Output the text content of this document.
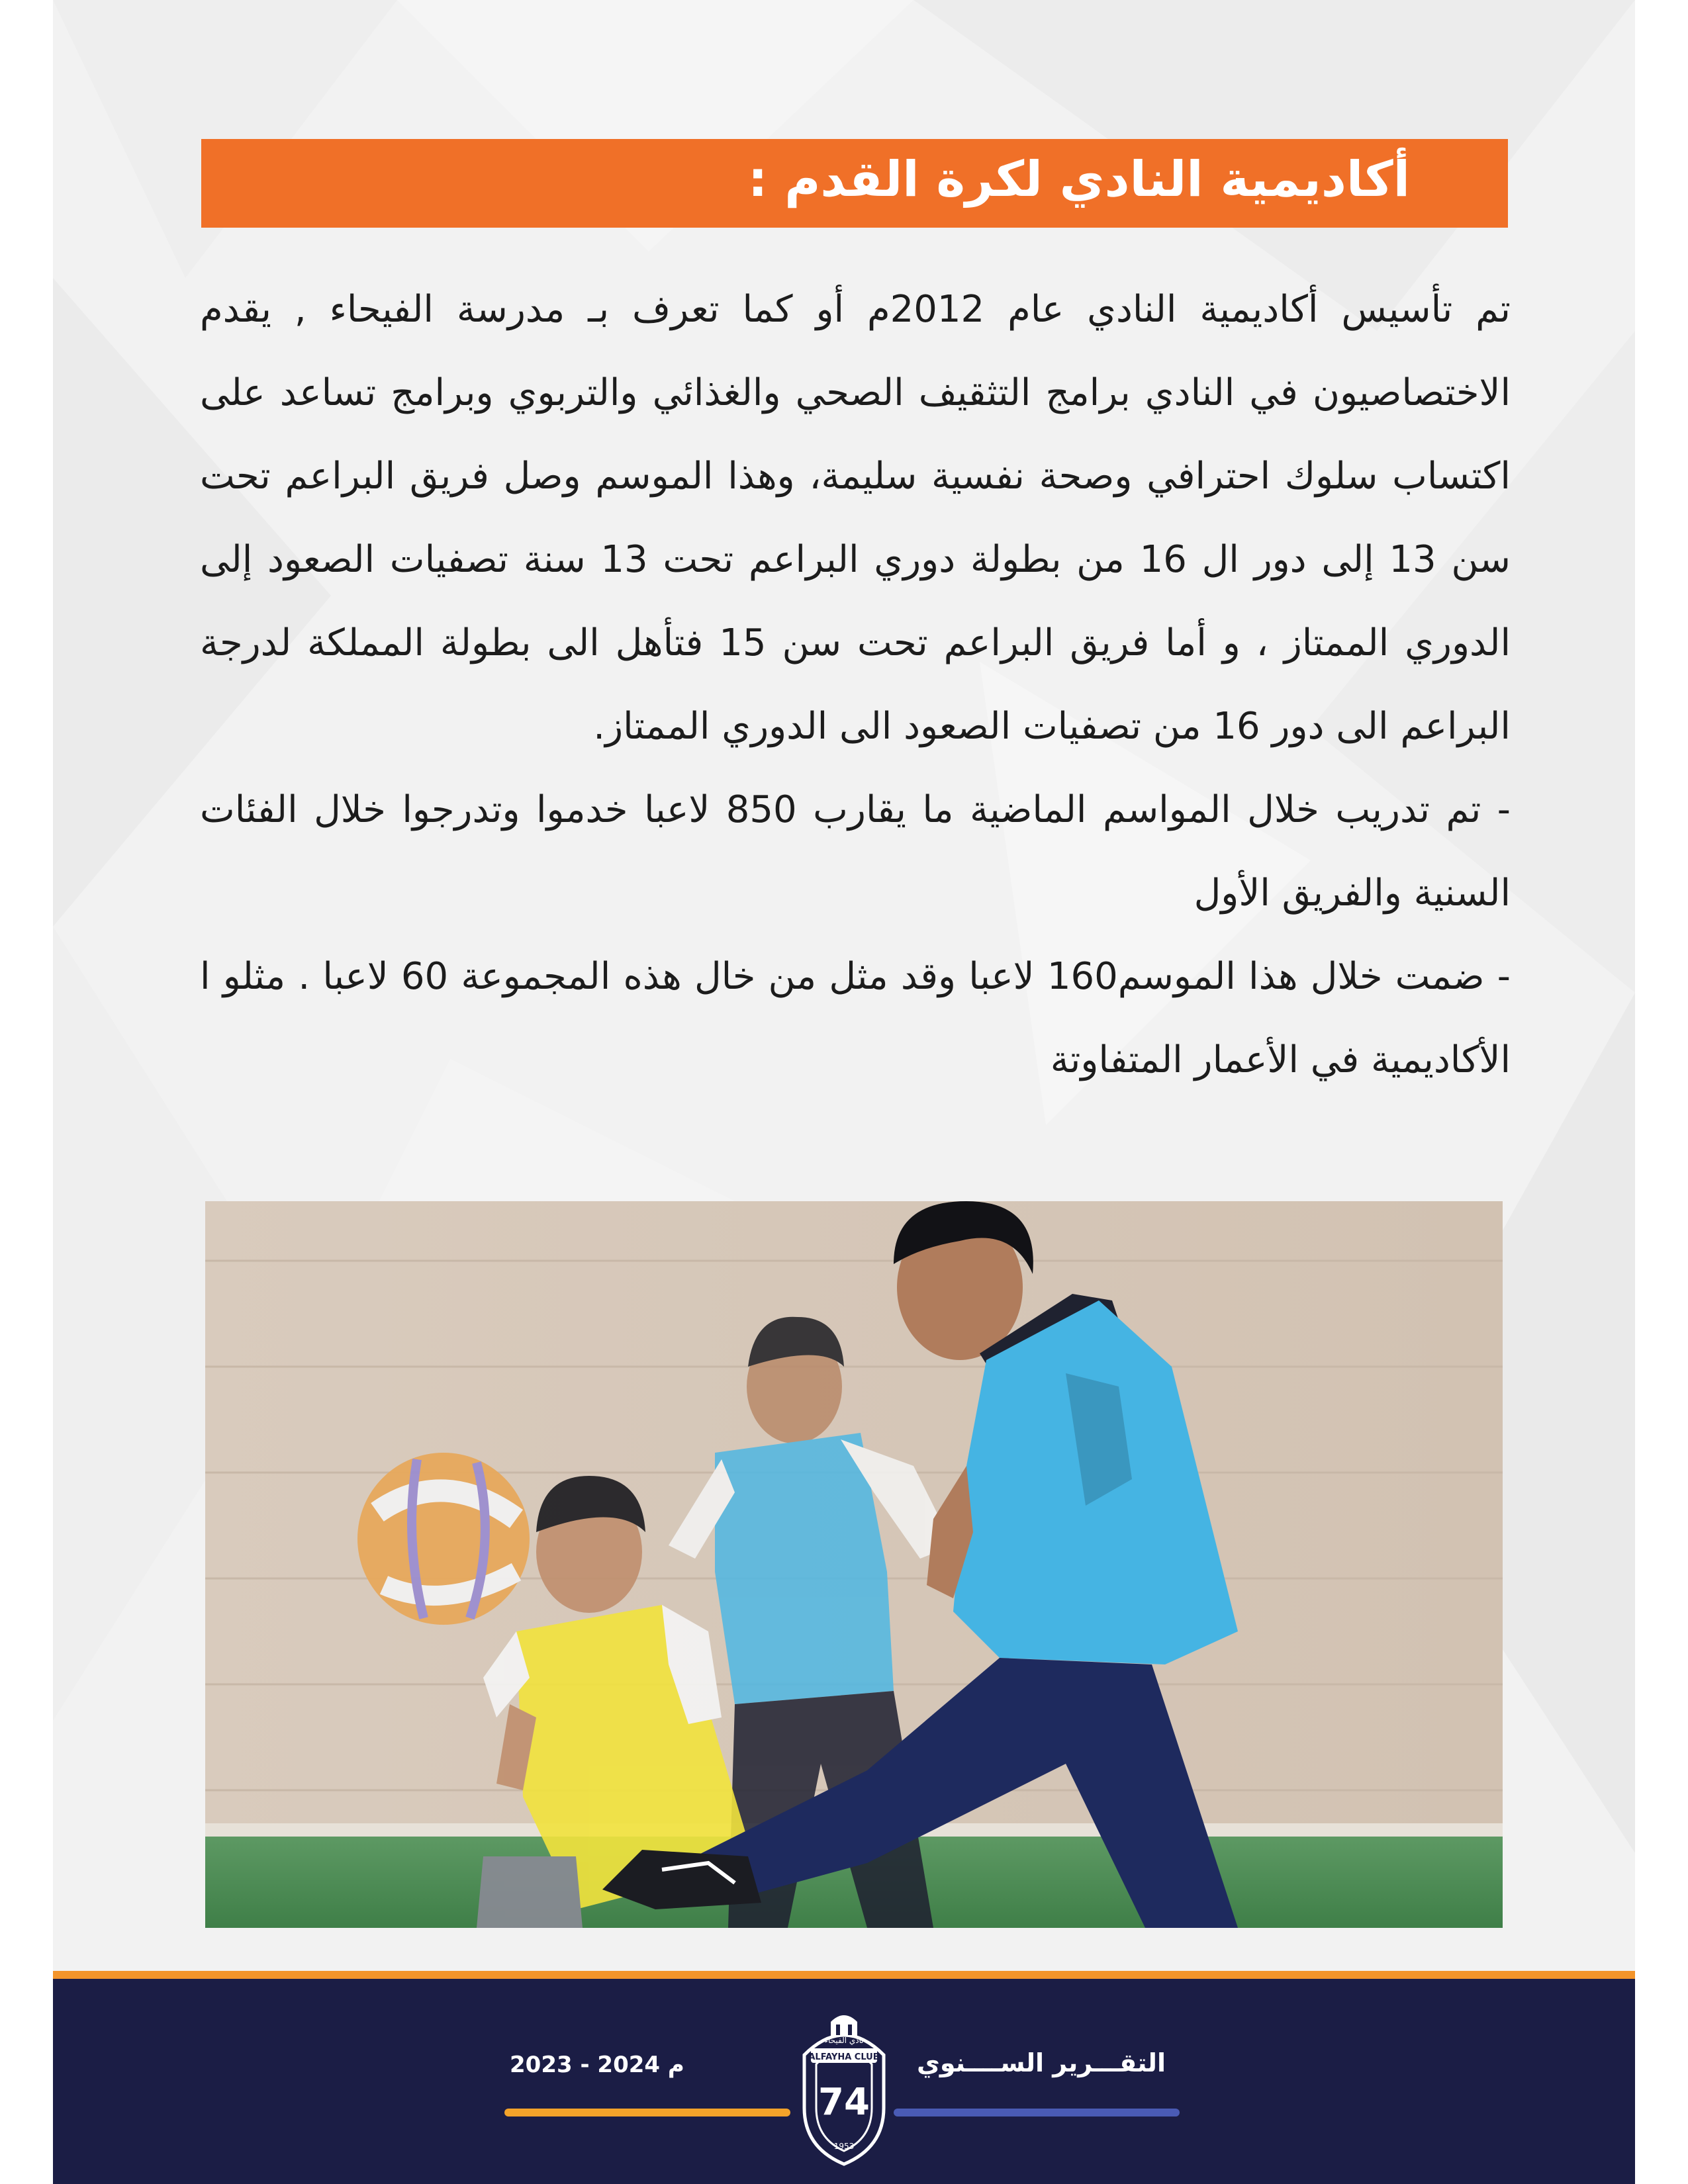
أكاديمية النادي لكرة القدم :

تم تأسيس أكاديمية النادي عام 2012م أو كما تعرف بـ مدرسة الفيحاء , يقدم الاختصاصيون في النادي برامج التثقيف الصحي والغذائي والتربوي وبرامج تساعد على اكتساب سلوك احترافي وصحة نفسية سليمة، وهذا الموسم وصل فريق البراعم تحت سن 13 إلى دور ال 16 من بطولة دوري البراعم تحت 13 سنة تصفيات الصعود إلى الدوري الممتاز ، و أما فريق البراعم تحت سن 15 فتأهل الى بطولة المملكة لدرجة البراعم الى دور 16 من تصفيات الصعود الى الدوري الممتاز.

- تم تدريب خلال المواسم الماضية ما يقارب 850 لاعبا خدموا وتدرجوا خلال الفئات السنية والفريق الأول

- ضمت خلال هذا الموسم160 لاعبا وقد مثل من خال هذه المجموعة 60 لاعبا . مثلو ا الأكاديمية في الأعمار المتفاوتة

2023 - 2024 م
نادي الفيحاء
ALFAYHA CLUB
74
1953
التقـــرير الســــنوي
